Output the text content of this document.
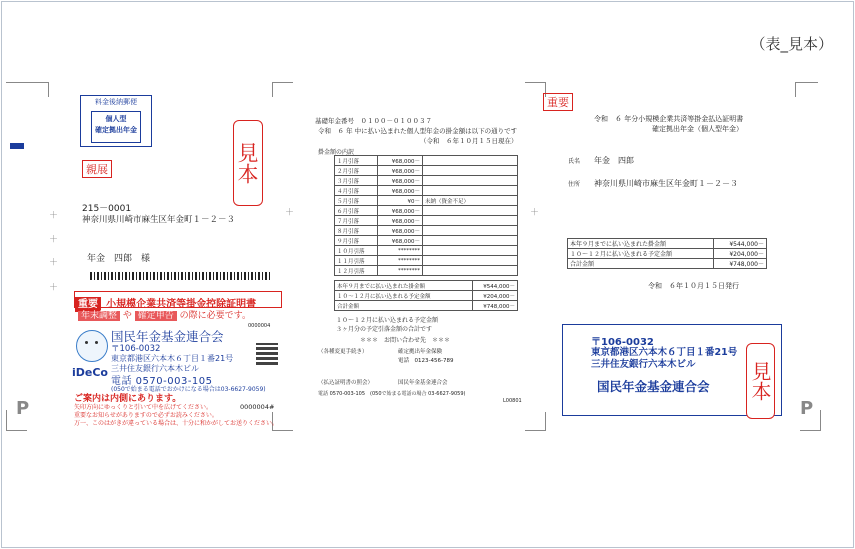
（表_見本）
P	P
＋
＋
＋
＋
＋	＋
料金後納郵便
個人型
確定拠出年金
見本
親展
215－0001
神奈川県川崎市麻生区年金町１－２－３
年金　四郎　様
重要 小規模企業共済等掛金控除証明書
年末調整 や 確定申告 の際に必要です。
0000004
iDeCo
国民年金基金連合会
〒106-0032
東京都港区六本木６丁目１番21号
三井住友銀行六本木ビル
電話 0570-003-105
(050で始まる電話でおかけになる場合は03-6627-9059)
ご案内は内側にあります。
矢印方向にゆっくりと引いて中を広げてください。
重要なお知らせがありますので必ずお読みください。
万一、このはがきが違っている場合は、十分に和かがしてお送りください。
0000004#
基礎年金番号　０１００－０１００３７
令和　６ 年 中に払い込まれた個人型年金の掛金額は以下の通りです
（令和　６年１０月１５日現在）
掛金額の内訳
１月引落	¥68,000－	
２月引落	¥68,000－	
３月引落	¥68,000－	
４月引落	¥68,000－	
５月引落	¥0－	未納（資金不足）
６月引落	¥68,000－	
７月引落	¥68,000－	
８月引落	¥68,000－	
９月引落	¥68,000－	
１０月引落	********	
１１月引落	********	
１２月引落	********	
本年９月までに払い込まれた掛金額	¥544,000－
１０～１２月に払い込まれる予定金額	¥204,000－
合計金額	¥748,000－
１０～１２月に払い込まれる予定金額
３ヶ月分の予定引落金額の合計です
＊＊＊　お問い合わせ先　＊＊＊
（各種変更手続き）	確定拠出年金保険
電話　0123-456-789
（払込証明書の照会）	国民年金基金連合会
電話 0570-003-105　(050で始まる電話の場合 03-6627-9059)
L00801
重要
令和　６ 年分小規模企業共済等掛金払込証明書
確定拠出年金（個人型年金）
氏名 年金　四郎
住所 神奈川県川崎市麻生区年金町１－２－３
本年９月までに払い込まれた掛金額	¥544,000－
１０～１２月に払い込まれる予定金額	¥204,000－
合計金額	¥748,000－
令和　６年１０月１５日発行
〒106-0032
東京都港区六本木６丁目１番21号
三井住友銀行六本木ビル
国民年金基金連合会 見本
